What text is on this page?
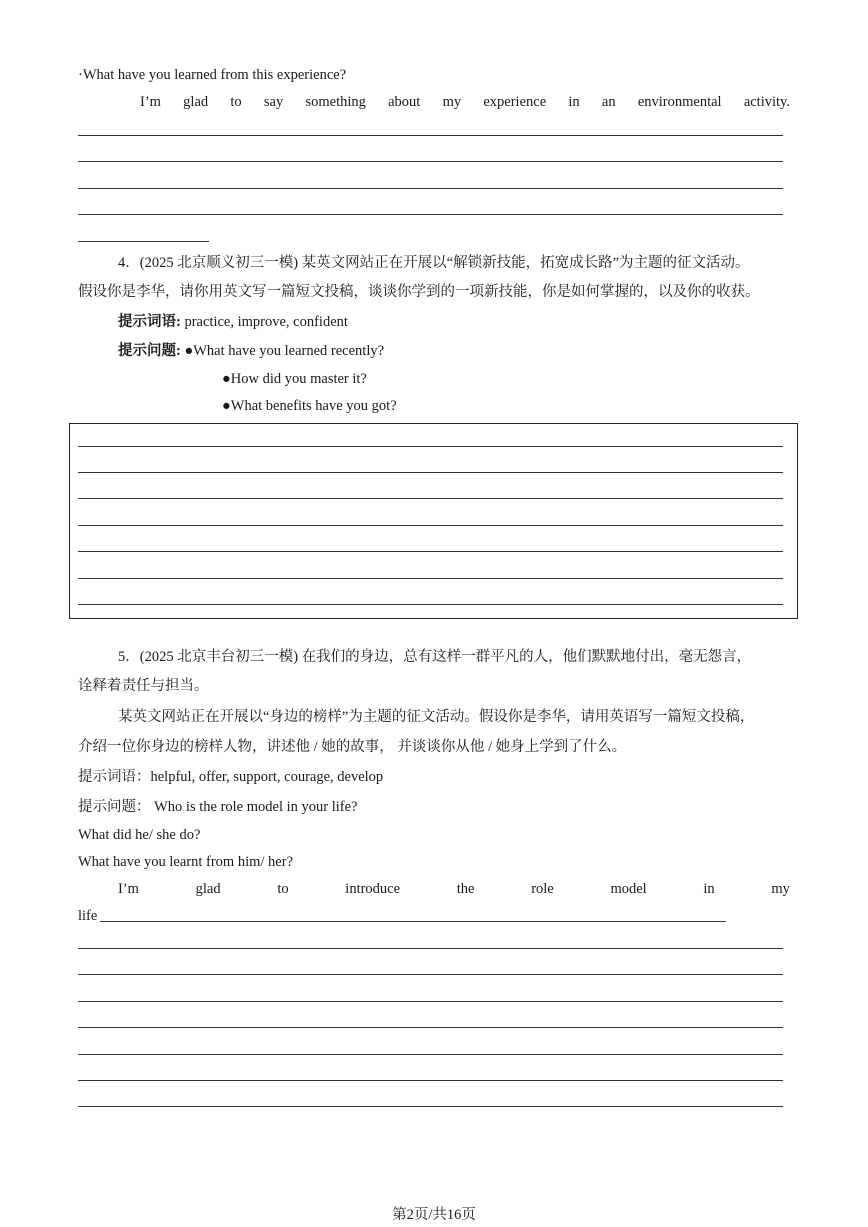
·What have you learned from this experience?
I’m glad to say something about my experience in an environmental activity.
4．(2025 北京顺义初三一模) 某英文网站正在开展以“解锁新技能，拓宽成长路”为主题的征文活动。
假设你是李华，请你用英文写一篇短文投稿，谈谈你学到的一项新技能，你是如何掌握的，以及你的收获。
提示词语: practice, improve, confident
提示问题: ●What have you learned recently?
●How did you master it?
●What benefits have you got?
5．(2025 北京丰台初三一模) 在我们的身边，总有这样一群平凡的人，他们默默地付出，毫无怨言，
诠释着责任与担当。
某英文网站正在开展以“身边的榜样”为主题的征文活动。假设你是李华，请用英语写一篇短文投稿，
介绍一位你身边的榜样人物，讲述他 / 她的故事， 并谈谈你从他 / 她身上学到了什么。
提示词语：helpful, offer, support, courage, develop
提示问题： Who is the role model in your life?
What did he/ she do?
What have you learnt from him/ her?
I’m	glad	to	introduce	the	role	model	in	my
life
第2页/共16页
